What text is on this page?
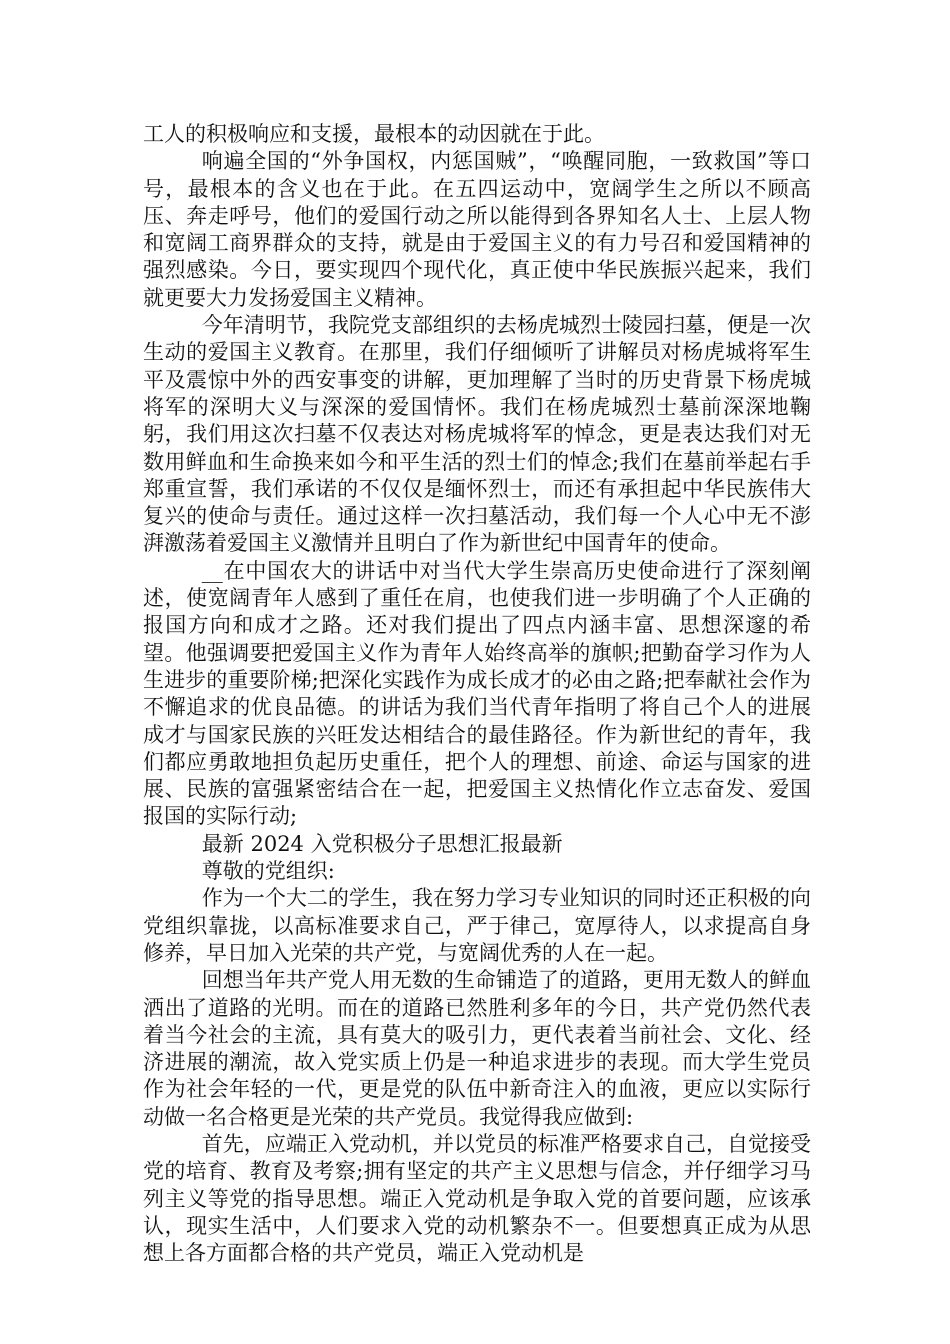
工人的积极响应和支援，最根本的动因就在于此。

响遍全国的“外争国权，内惩国贼”，“唤醒同胞，一致救国”等口号，最根本的含义也在于此。在五四运动中，宽阔学生之所以不顾高压、奔走呼号，他们的爱国行动之所以能得到各界知名人士、上层人物和宽阔工商界群众的支持，就是由于爱国主义的有力号召和爱国精神的强烈感染。今日，要实现四个现代化，真正使中华民族振兴起来，我们就更要大力发扬爱国主义精神。

今年清明节，我院党支部组织的去杨虎城烈士陵园扫墓，便是一次生动的爱国主义教育。在那里，我们仔细倾听了讲解员对杨虎城将军生平及震惊中外的西安事变的讲解，更加理解了当时的历史背景下杨虎城将军的深明大义与深深的爱国情怀。我们在杨虎城烈士墓前深深地鞠躬，我们用这次扫墓不仅表达对杨虎城将军的悼念，更是表达我们对无数用鲜血和生命换来如今和平生活的烈士们的悼念;我们在墓前举起右手郑重宣誓，我们承诺的不仅仅是缅怀烈士，而还有承担起中华民族伟大复兴的使命与责任。通过这样一次扫墓活动，我们每一个人心中无不澎湃激荡着爱国主义激情并且明白了作为新世纪中国青年的使命。

__在中国农大的讲话中对当代大学生崇高历史使命进行了深刻阐述，使宽阔青年人感到了重任在肩，也使我们进一步明确了个人正确的报国方向和成才之路。还对我们提出了四点内涵丰富、思想深邃的希望。他强调要把爱国主义作为青年人始终高举的旗帜;把勤奋学习作为人生进步的重要阶梯;把深化实践作为成长成才的必由之路;把奉献社会作为不懈追求的优良品德。的讲话为我们当代青年指明了将自己个人的进展成才与国家民族的兴旺发达相结合的最佳路径。作为新世纪的青年，我们都应勇敢地担负起历史重任，把个人的理想、前途、命运与国家的进展、民族的富强紧密结合在一起，把爱国主义热情化作立志奋发、爱国报国的实际行动;

最新 2024 入党积极分子思想汇报最新

尊敬的党组织:

作为一个大二的学生，我在努力学习专业知识的同时还正积极的向党组织靠拢，以高标准要求自己，严于律己，宽厚待人，以求提高自身修养，早日加入光荣的共产党，与宽阔优秀的人在一起。

回想当年共产党人用无数的生命铺造了的道路，更用无数人的鲜血洒出了道路的光明。而在的道路已然胜利多年的今日，共产党仍然代表着当今社会的主流，具有莫大的吸引力，更代表着当前社会、文化、经济进展的潮流，故入党实质上仍是一种追求进步的表现。而大学生党员作为社会年轻的一代，更是党的队伍中新奇注入的血液，更应以实际行动做一名合格更是光荣的共产党员。我觉得我应做到:

首先，应端正入党动机，并以党员的标准严格要求自己，自觉接受党的培育、教育及考察;拥有坚定的共产主义思想与信念，并仔细学习马列主义等党的指导思想。端正入党动机是争取入党的首要问题，应该承认，现实生活中，人们要求入党的动机繁杂不一。但要想真正成为从思想上各方面都合格的共产党员，端正入党动机是
